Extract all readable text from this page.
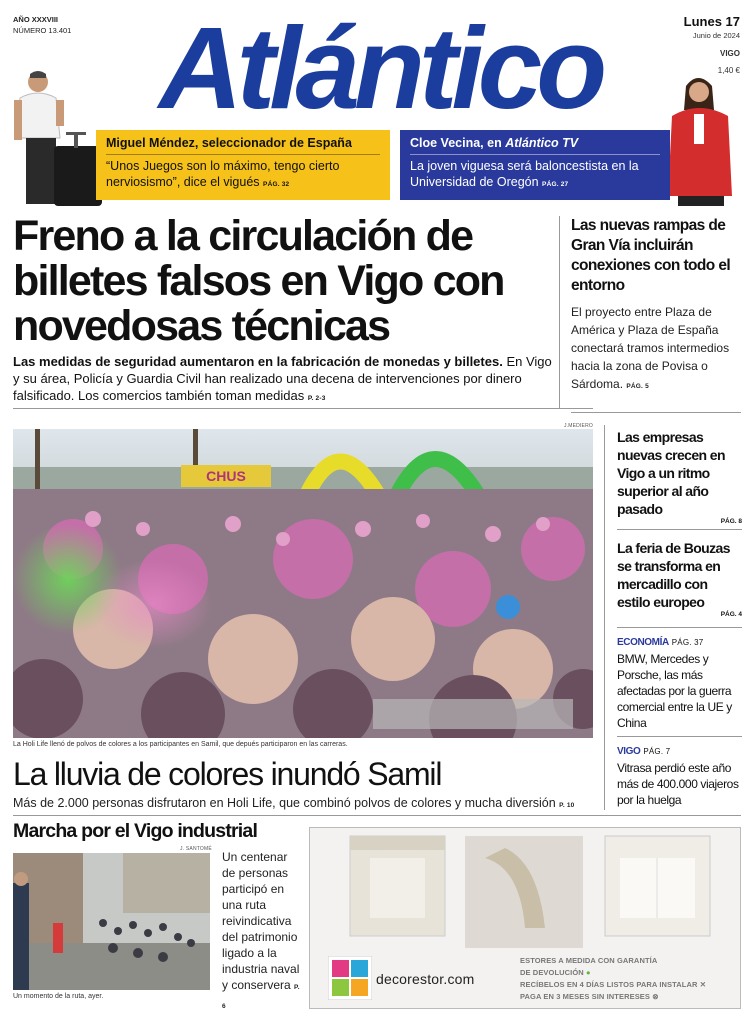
AÑO XXXVIII
NÚMERO 13.401 Atlántico	Lunes 17
Junio de 2024
VIGO
1,40 €
Miguel Méndez, seleccionador de España
“Unos Juegos son lo máximo, tengo cierto nerviosismo”, dice el vigués PÁG. 32
Cloe Vecina, en Atlántico TV
La joven viguesa será baloncestista en la Universidad de Oregón PÁG. 27
Freno a la circulación de billetes falsos en Vigo con novedosas técnicas
Las medidas de seguridad aumentaron en la fabricación de monedas y billetes. En Vigo y su área, Policía y Guardia Civil han realizado una decena de intervenciones por dinero falsificado. Los comercios también toman medidas P. 2-3
Las nuevas rampas de Gran Vía incluirán conexiones con todo el entorno
El proyecto entre Plaza de América y Plaza de España conectará tramos intermedios hacia la zona de Povisa o Sárdoma. PÁG. 5
J.MEDIERO
CHUS
La Holi Life llenó de polvos de colores a los participantes en Samil, que depués participaron en las carreras.
La lluvia de colores inundó Samil
Más de 2.000 personas disfrutaron en Holi Life, que combinó polvos de colores y mucha diversión P. 10
Las empresas nuevas crecen en Vigo a un ritmo superior al año pasado
PÁG. 8
La feria de Bouzas se transforma en mercadillo con estilo europeo
PÁG. 4
ECONOMÍA PÁG. 37
BMW, Mercedes y Porsche, las más afectadas por la guerra comercial entre la UE y China
VIGO PÁG. 7
Vitrasa perdió este año más de 400.000 viajeros por la huelga
Marcha por el Vigo industrial
J. SANTOMÉ
Un centenar de personas participó en una ruta reivindicativa del patrimonio ligado a la industria naval y conservera P. 6
Un momento de la ruta, ayer.
decorestor.com
ESTORES A MEDIDA CON GARANTÍA
DE DEVOLUCIÓN ●
RECÍBELOS EN 4 DÍAS LISTOS PARA INSTALAR ✕
PAGA EN 3 MESES SIN INTERESES ⊗
